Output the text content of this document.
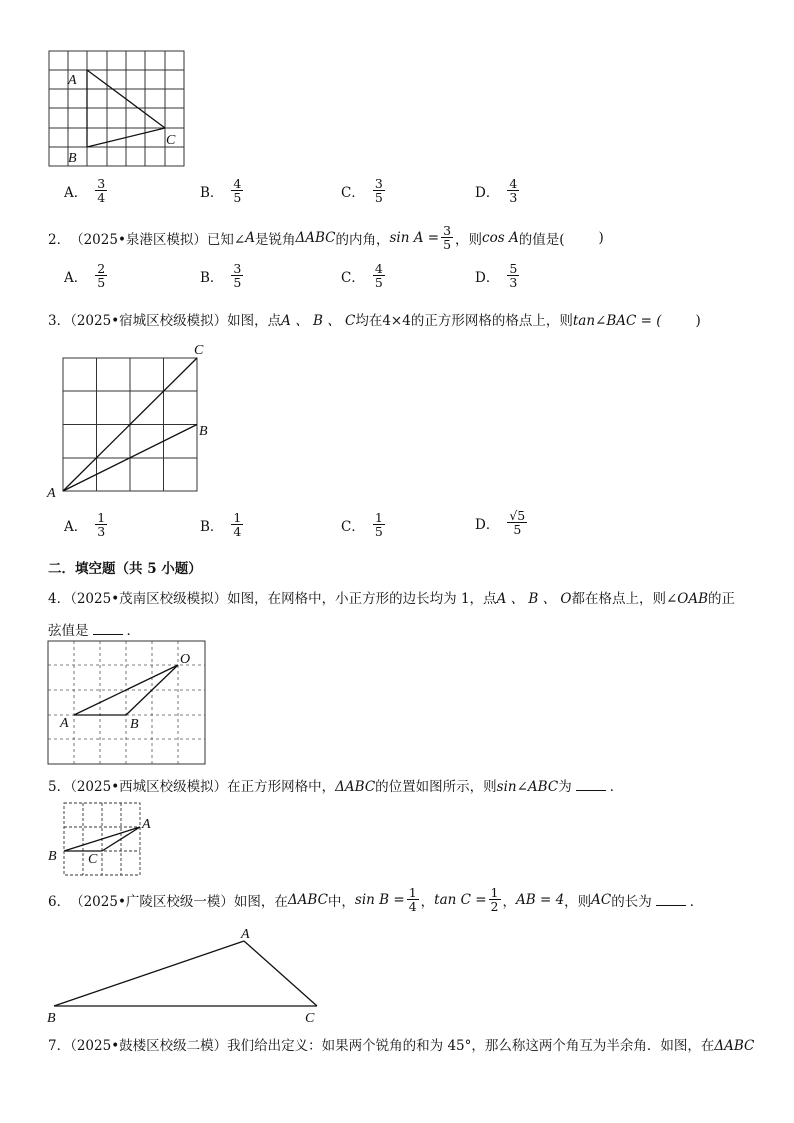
A
B
C
A． $\frac{3}{4}$	B． $\frac{4}{5}$	C． $\frac{3}{5}$	D． $\frac{4}{3}$
2． （2025•泉港区模拟） 已知∠ A 是锐角 ΔABC 的内角， $\sin A = \frac{3}{5}$ ，则 cos A 的值是(	)
A． $\frac{2}{5}$	B． $\frac{3}{5}$	C． $\frac{4}{5}$	D． $\frac{5}{3}$
3．（2025•宿城区校级模拟）如图，点A 、 B 、 C均在4×4的正方形网格的格点上，则tan∠BAC = (	)
A
B
C
A． $\frac{1}{3}$	B． $\frac{1}{4}$	C． $\frac{1}{5}$	D． $\frac{√5}{5}$
二．填空题（共 5 小题）
4．（2025•茂南区校级模拟）如图，在网格中，小正方形的边长均为 1，点A 、 B 、 O都在格点上，则∠OAB的正
弦值是	．
A	B
O
5．（2025•西城区校级模拟）在正方形网格中，ΔABC的位置如图所示，则sin∠ABC为	．
A
B C
6． （2025•广陵区校级一模） 如图，在 ΔABC 中， $\sin B = \frac{1}{4}$ ， $\tan C = \frac{1}{2}$ ， AB = 4 ，则 AC 的长为	．
A
B	C
7．（2025•鼓楼区校级二模）我们给出定义：如果两个锐角的和为 45°，那么称这两个角互为半余角．如图，在ΔABC
